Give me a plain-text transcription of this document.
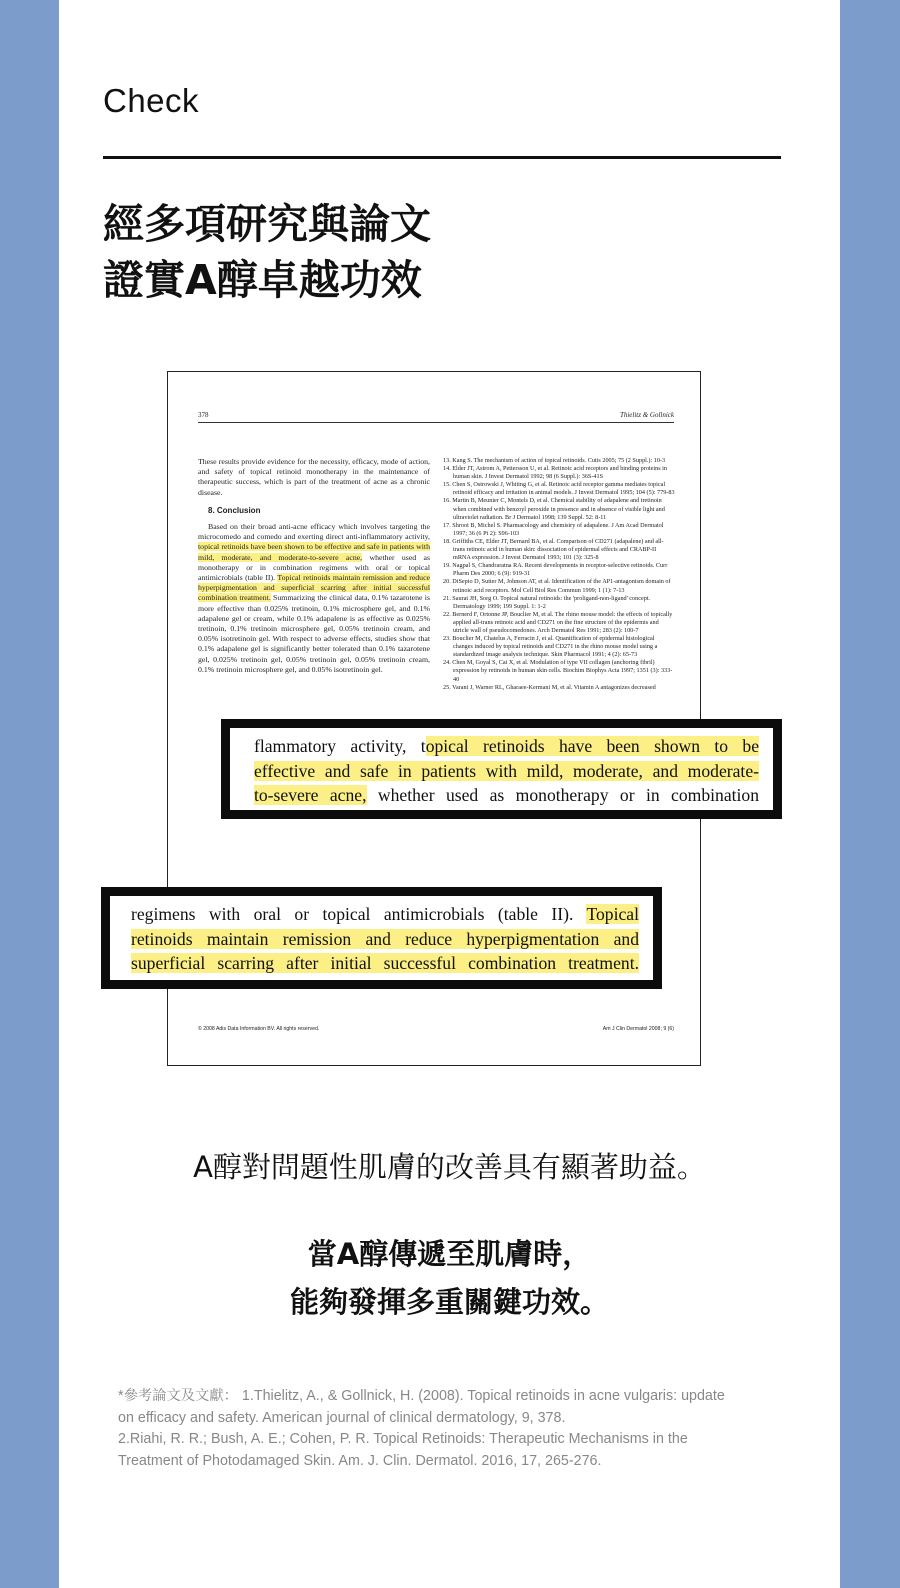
Check
經多項研究與論文
證實A醇卓越功效
378	Thielitz & Gollnick

These results provide evidence for the necessity, efficacy, mode of action, and safety of topical retinoid monotherapy in the maintenance of therapeutic success, which is part of the treatment of acne as a chronic disease.

8. Conclusion

Based on their broad anti-acne efficacy which involves targeting the microcomedo and comedo and exerting direct anti-inflammatory activity, topical retinoids have been shown to be effective and safe in patients with mild, moderate, and moderate-to-severe acne, whether used as monotherapy or in combination regimens with oral or topical antimicrobials (table II). Topical retinoids maintain remission and reduce hyperpigmentation and superficial scarring after initial successful combination treatment. Summarizing the clinical data, 0.1% tazarotene is more effective than 0.025% tretinoin, 0.1% microsphere gel, and 0.1% adapalene gel or cream, while 0.1% adapalene is as effective as 0.025% tretinoin, 0.1% tretinoin microsphere gel, 0.05% tretinoin cream, and 0.05% isotretinoin gel. With respect to adverse effects, studies show that 0.1% adapalene gel is significantly better tolerated than 0.1% tazarotene gel, 0.025% tretinoin gel, 0.05% tretinoin gel, 0.05% tretinoin cream, 0.1% tretinoin microsphere gel, and 0.05% isotretinoin gel.

13. Kang S. The mechanism of action of topical retinoids. Cutis 2005; 75 (2 Suppl.): 10-3
14. Elder JT, Astrom A, Pettersson U, et al. Retinoic acid receptors and binding proteins in human skin. J Invest Dermatol 1992; 98 (6 Suppl.): 36S-41S
15. Chen S, Ostrowski J, Whiting G, et al. Retinoic acid receptor gamma mediates topical retinoid efficacy and irritation in animal models. J Invest Dermatol 1995; 104 (5): 779-83
16. Martin B, Meunier C, Montels D, et al. Chemical stability of adapalene and tretinoin when combined with benzoyl peroxide in presence and in absence of visible light and ultraviolet radiation. Br J Dermatol 1998; 139 Suppl. 52: 8-11
17. Shroot B, Michel S. Pharmacology and chemistry of adapalene. J Am Acad Dermatol 1997; 36 (6 Pt 2): S96-103
18. Griffiths CE, Elder JT, Bernard BA, et al. Comparison of CD271 (adapalene) and all-trans retinoic acid in human skin: dissociation of epidermal effects and CRABP-II mRNA expression. J Invest Dermatol 1993; 101 (3): 325-8
19. Nagpal S, Chandraratna RA. Recent developments in receptor-selective retinoids. Curr Pharm Des 2000; 6 (9): 919-31
20. DiSepio D, Sutter M, Johnson AT, et al. Identification of the AP1-antagonism domain of retinoic acid receptors. Mol Cell Biol Res Commun 1999; 1 (1): 7-13
21. Saurat JH, Sorg O. Topical natural retinoids: the 'proligand-non-ligand' concept. Dermatology 1999; 199 Suppl. 1: 1-2
22. Bernerd F, Ortonne JP, Bouclier M, et al. The rhino mouse model: the effects of topically applied all-trans retinoic acid and CD271 on the fine structure of the epidermis and utricle wall of pseudocomedones. Arch Dermatol Res 1991; 283 (2): 100-7
23. Bouclier M, Chatelus A, Ferracin J, et al. Quantification of epidermal histological changes induced by topical retinoids and CD271 in the rhino mouse model using a standardized image analysis technique. Skin Pharmacol 1991; 4 (2): 65-73
24. Chen M, Goyal S, Cai X, et al. Modulation of type VII collagen (anchoring fibril) expression by retinoids in human skin cells. Biochim Biophys Acta 1997; 1351 (3): 333-40
25. Varani J, Warner RL, Gharaee-Kermani M, et al. Vitamin A antagonizes decreased
© 2008 Adis Data Information BV. All rights reserved.	Am J Clin Dermatol 2008; 9 (6)
flammatory activity, topical retinoids have been shown to be
effective and safe in patients with mild, moderate, and moderate-
to-severe acne, whether used as monotherapy or in combination
regimens with oral or topical antimicrobials (table II). Topical
retinoids maintain remission and reduce hyperpigmentation and
superficial scarring after initial successful combination treatment.
A醇對問題性肌膚的改善具有顯著助益。
當A醇傳遞至肌膚時，
能夠發揮多重關鍵功效。
*參考論文及文獻： 1.Thielitz, A., & Gollnick, H. (2008). Topical retinoids in acne vulgaris: update
on efficacy and safety. American journal of clinical dermatology, 9, 378.
2.Riahi, R. R.; Bush, A. E.; Cohen, P. R. Topical Retinoids: Therapeutic Mechanisms in the
Treatment of Photodamaged Skin. Am. J. Clin. Dermatol. 2016, 17, 265-276.
